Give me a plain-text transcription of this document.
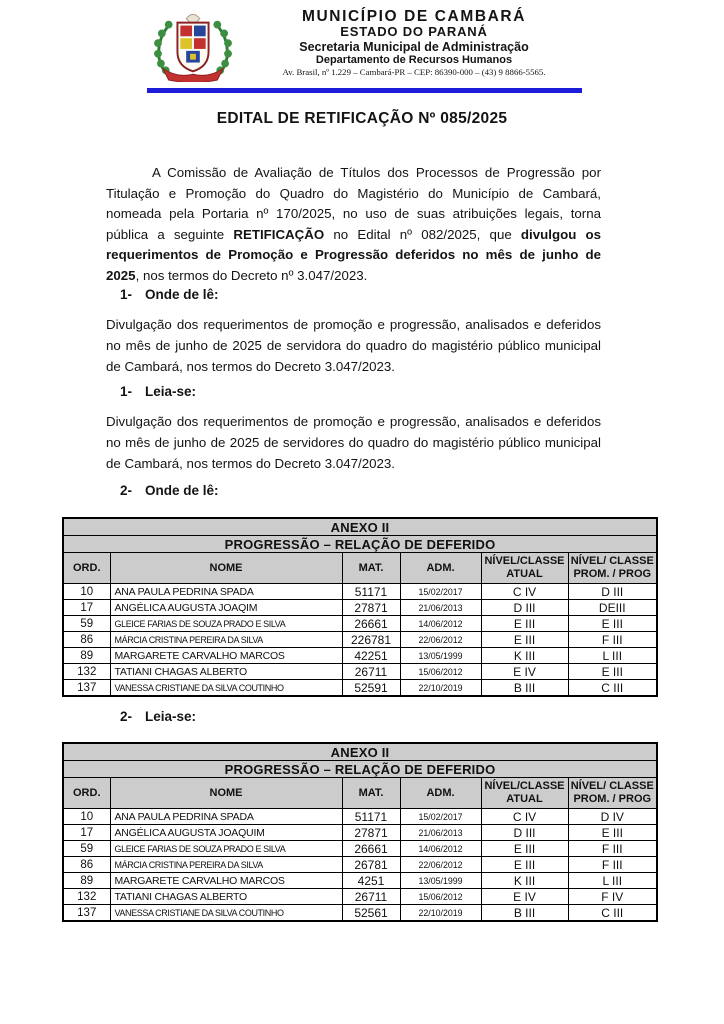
MUNICÍPIO DE CAMBARÁ
ESTADO DO PARANÁ
Secretaria Municipal de Administração
Departamento de Recursos Humanos
Av. Brasil, nº 1.229 – Cambará-PR – CEP: 86390-000 – (43) 9 8866-5565.
EDITAL DE RETIFICAÇÃO Nº 085/2025

A Comissão de Avaliação de Títulos dos Processos de Progressão por Titulação e Promoção do Quadro do Magistério do Município de Cambará, nomeada pela Portaria nº 170/2025, no uso de suas atribuições legais, torna pública a seguinte RETIFICAÇÃO no Edital nº 082/2025, que divulgou os requerimentos de Promoção e Progressão deferidos no mês de junho de 2025, nos termos do Decreto nº 3.047/2023.

1- Onde de lê:

Divulgação dos requerimentos de promoção e progressão, analisados e deferidos no mês de junho de 2025 de servidora do quadro do magistério público municipal de Cambará, nos termos do Decreto 3.047/2023.

1- Leia-se:

Divulgação dos requerimentos de promoção e progressão, analisados e deferidos no mês de junho de 2025 de servidores do quadro do magistério público municipal de Cambará, nos termos do Decreto 3.047/2023.

2- Onde de lê:
ANEXO II					
PROGRESSÃO – RELAÇÃO DE DEFERIDO					
ORD.	NOME	MAT.	ADM.	NÍVEL/CLASSE ATUAL	NÍVEL/ CLASSE PROM. / PROG
10	ANA PAULA PEDRINA SPADA	51171	15/02/2017	C IV	D III
17	ANGÉLICA AUGUSTA JOAQIM	27871	21/06/2013	D III	DEIII
59	GLEICE FARIAS DE SOUZA PRADO E SILVA	26661	14/06/2012	E III	E III
86	MÁRCIA CRISTINA PEREIRA DA SILVA	226781	22/06/2012	E III	F III
89	MARGARETE CARVALHO MARCOS	42251	13/05/1999	K III	L III
132	TATIANI CHAGAS ALBERTO	26711	15/06/2012	E IV	E III
137	VANESSA CRISTIANE DA SILVA COUTINHO	52591	22/10/2019	B III	C III
2- Leia-se:
ANEXO II					
PROGRESSÃO – RELAÇÃO DE DEFERIDO					
ORD.	NOME	MAT.	ADM.	NÍVEL/CLASSE ATUAL	NÍVEL/ CLASSE PROM. / PROG
10	ANA PAULA PEDRINA SPADA	51171	15/02/2017	C IV	D IV
17	ANGÉLICA AUGUSTA JOAQUIM	27871	21/06/2013	D III	E III
59	GLEICE FARIAS DE SOUZA PRADO E SILVA	26661	14/06/2012	E III	F III
86	MÁRCIA CRISTINA PEREIRA DA SILVA	26781	22/06/2012	E III	F III
89	MARGARETE CARVALHO MARCOS	4251	13/05/1999	K III	L III
132	TATIANI CHAGAS ALBERTO	26711	15/06/2012	E IV	F IV
137	VANESSA CRISTIANE DA SILVA COUTINHO	52561	22/10/2019	B III	C III
